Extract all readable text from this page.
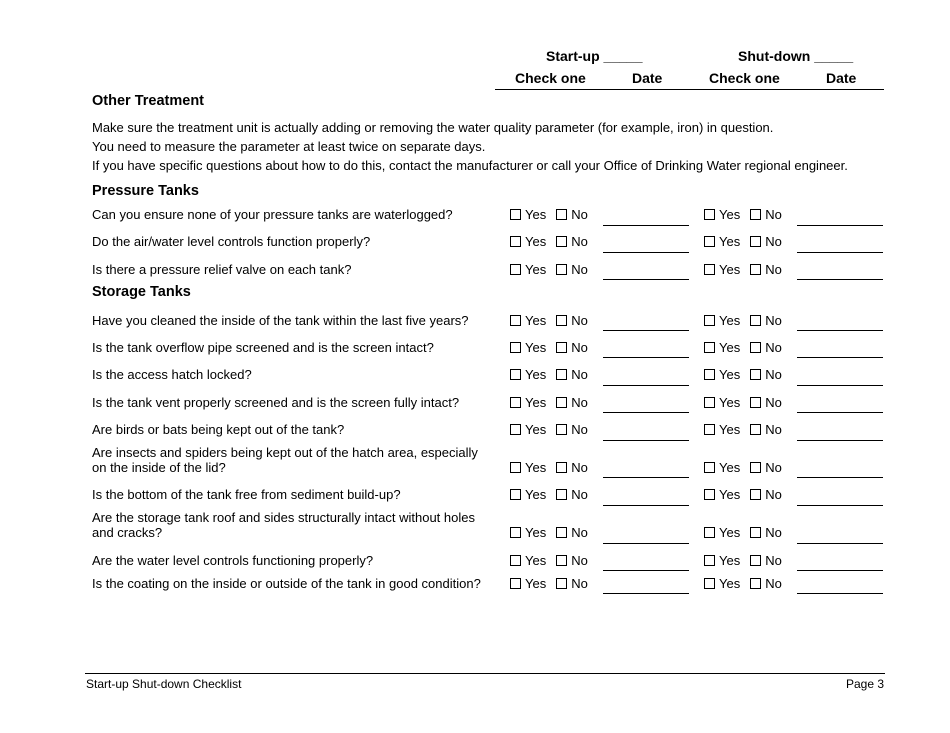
Start-up _____	Shut-down _____
Check one	Date	Check one	Date
Other Treatment
Make sure the treatment unit is actually adding or removing the water quality parameter (for example, iron) in question.
You need to measure the parameter at least twice on separate days.
If you have specific questions about how to do this, contact the manufacturer or call your Office of Drinking Water regional engineer.
Pressure Tanks
Can you ensure none of your pressure tanks are waterlogged?	Yes No	Yes No
Do the air/water level controls function properly?	Yes No	Yes No
Is there a pressure relief valve on each tank?	Yes No	Yes No
Storage Tanks
Have you cleaned the inside of the tank within the last five years?	Yes No	Yes No
Is the tank overflow pipe screened and is the screen intact?	Yes No	Yes No
Is the access hatch locked?	Yes No	Yes No
Is the tank vent properly screened and is the screen fully intact?	Yes No	Yes No
Are birds or bats being kept out of the tank?	Yes No	Yes No
Are insects and spiders being kept out of the hatch area, especially on the inside of the lid?	Yes No	Yes No
Is the bottom of the tank free from sediment build-up?	Yes No	Yes No
Are the storage tank roof and sides structurally intact without holes and cracks?	Yes No	Yes No
Are the water level controls functioning properly?	Yes No	Yes No
Is the coating on the inside or outside of the tank in good condition?	Yes No	Yes No
Start-up Shut-down Checklist	Page 3
